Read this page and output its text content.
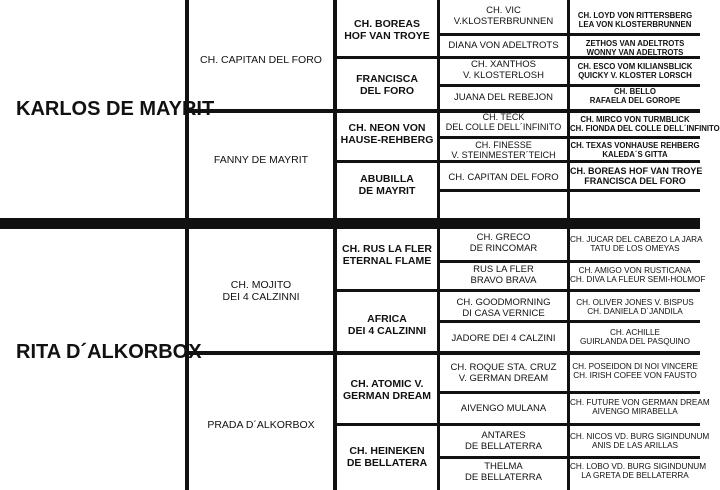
KARLOS DE MAYRIT
RITA D´ALKORBOX
CH. CAPITAN DEL FORO
FANNY DE MAYRIT
CH. MOJITO
DEI 4 CALZINNI
PRADA D´ALKORBOX
CH. BOREAS
HOF VAN TROYE
FRANCISCA
DEL FORO
CH. NEON VON
HAUSE-REHBERG
ABUBILLA
DE MAYRIT
CH. RUS LA FLER
ETERNAL FLAME
AFRICA
DEI 4 CALZINNI
CH. ATOMIC V.
GERMAN DREAM
CH. HEINEKEN
DE BELLATERA
CH. VIC
V.KLOSTERBRUNNEN
DIANA VON ADELTROTS
CH. XANTHOS
V. KLOSTERLOSH
JUANA DEL REBEJON
CH. TECK
DEL COLLE DELL´INFINITO
CH. FINESSE
V. STEINMESTER´TEICH
CH. CAPITAN DEL FORO
CH. GRECO
DE RINCOMAR
RUS LA FLER
BRAVO BRAVA
CH. GOODMORNING
DI CASA VERNICE
JADORE DEI 4 CALZINI
CH. ROQUE STA. CRUZ
V. GERMAN DREAM
AIVENGO MULANA
ANTARES
DE BELLATERRA
THELMA
DE BELLATERRA
CH. LOYD VON RITTERSBERG
LEA VON KLOSTERBRUNNEN
ZETHOS VAN ADELTROTS
WONNY VAN ADELTROTS
CH. ESCO VOM KILIANSBLICK
QUICKY V. KLOSTER LORSCH
CH. BELLO
RAFAELA DEL GOROPE
CH. MIRCO VON TURMBLICK
CH. FIONDA DEL COLLE DELL´INFINITO
CH. TEXAS VONHAUSE REHBERG
KALEDA´S GITTA
CH. BOREAS HOF VAN TROYE
FRANCISCA DEL FORO
CH. JUCAR DEL CABEZO LA JARA
TATU DE LOS OMEYAS
CH. AMIGO VON RUSTICANA
CH. DIVA LA FLEUR SEMI-HOLMOF
CH. OLIVER JONES V. BISPUS
CH. DANIELA D´JANDILA
CH. ACHILLE
GUIRLANDA DEL PASQUINO
CH. POSEIDON DI NOI VINCERE
CH. IRISH COFEE VON FAUSTO
CH. FUTURE VON GERMAN DREAM
AIVENGO MIRABELLA
CH. NICOS VD. BURG SIGINDUNUM
ANIS DE LAS ARILLAS
CH. LOBO VD. BURG SIGINDUNUM
LA GRETA DE BELLATERRA
